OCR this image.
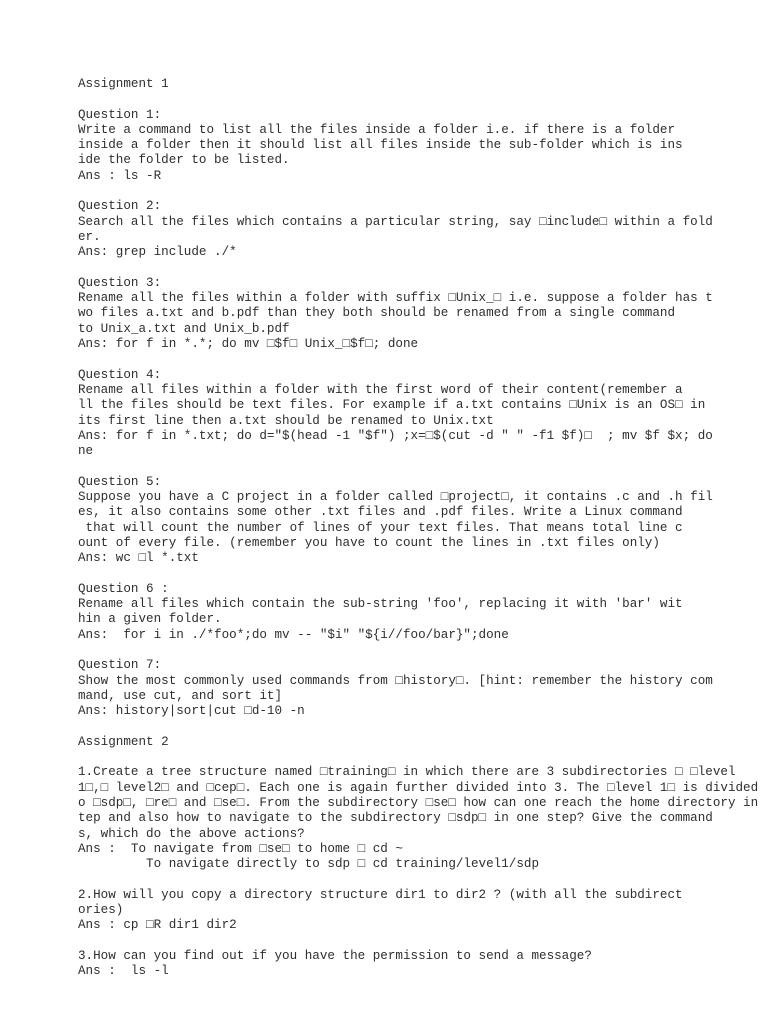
Assignment 1
Question 1:
Write a command to list all the files inside a folder i.e. if there is a folder
inside a folder then it should list all files inside the sub-folder which is ins
ide the folder to be listed.
Ans : ls -R
Question 2:
Search all the files which contains a particular string, say □include□ within a fold
er.
Ans: grep include ./*
Question 3:
Rename all the files within a folder with suffix □Unix_□ i.e. suppose a folder has t
wo files a.txt and b.pdf than they both should be renamed from a single command
to Unix_a.txt and Unix_b.pdf
Ans: for f in *.*; do mv □$f□ Unix_□$f□; done
Question 4:
Rename all files within a folder with the first word of their content(remember a
ll the files should be text files. For example if a.txt contains □Unix is an OS□ in
its first line then a.txt should be renamed to Unix.txt
Ans: for f in *.txt; do d="$(head -1 "$f") ;x=□$(cut -d " " -f1 $f)□  ; mv $f $x; do
ne
Question 5:
Suppose you have a C project in a folder called □project□, it contains .c and .h fil
es, it also contains some other .txt files and .pdf files. Write a Linux command
that will count the number of lines of your text files. That means total line c
ount of every file. (remember you have to count the lines in .txt files only)
Ans: wc □l *.txt
Question 6 :
Rename all files which contain the sub-string 'foo', replacing it with 'bar' wit
hin a given folder.
Ans:  for i in ./*foo*;do mv -- "$i" "${i//foo/bar}";done
Question 7:
Show the most commonly used commands from □history□. [hint: remember the history com
mand, use cut, and sort it]
Ans: history|sort|cut □d-10 -n
Assignment 2
1.Create a tree structure named □training□ in which there are 3 subdirectories □ □level
1□,□ level2□ and □cep□. Each one is again further divided into 3. The □level 1□ is divided
o □sdp□, □re□ and □se□. From the subdirectory □se□ how can one reach the home directory in
tep and also how to navigate to the subdirectory □sdp□ in one step? Give the command
s, which do the above actions?
Ans :  To navigate from □se□ to home □ cd ~
To navigate directly to sdp □ cd training/level1/sdp
2.How will you copy a directory structure dir1 to dir2 ? (with all the subdirect
ories)
Ans : cp □R dir1 dir2
3.How can you find out if you have the permission to send a message?
Ans :  ls -l
